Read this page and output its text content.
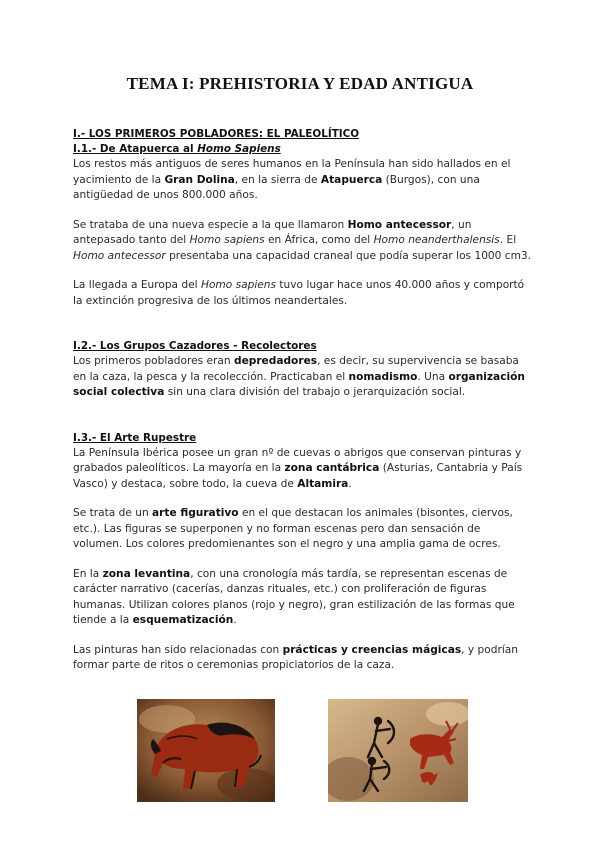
TEMA I: PREHISTORIA Y EDAD ANTIGUA
I.- LOS PRIMEROS POBLADORES: EL PALEOLÍTICO
I.1.- De Atapuerca al Homo Sapiens

Los restos más antiguos de seres humanos en la Península han sido hallados en el yacimiento de la Gran Dolina, en la sierra de Atapuerca (Burgos), con una antigüedad de unos 800.000 años.

Se trataba de una nueva especie a la que llamaron Homo antecessor, un antepasado tanto del Homo sapiens en África, como del Homo neanderthalensis. El Homo antecessor presentaba una capacidad craneal que podía superar los 1000 cm3.

La llegada a Europa del Homo sapiens tuvo lugar hace unos 40.000 años y comportó la extinción progresiva de los últimos neandertales.

I.2.- Los Grupos Cazadores - Recolectores

Los primeros pobladores eran depredadores, es decir, su supervivencia se basaba en la caza, la pesca y la recolección. Practicaban el nomadismo. Una organización social colectiva sin una clara división del trabajo o jerarquización social.

I.3.- El Arte Rupestre

La Península Ibérica posee un gran nº de cuevas o abrigos que conservan pinturas y grabados paleolíticos. La mayoría en la zona cantábrica (Asturias, Cantabria y País Vasco) y destaca, sobre todo, la cueva de Altamira.

Se trata de un arte figurativo en el que destacan los animales (bisontes, ciervos, etc.). Las figuras se superponen y no forman escenas pero dan sensación de volumen. Los colores predomienantes son el negro y una amplia gama de ocres.

En la zona levantina, con una cronología más tardía, se representan escenas de carácter narrativo (cacerías, danzas rituales, etc.) con proliferación de figuras humanas. Utilizan colores planos (rojo y negro), gran estilización de las formas que tiende a la esquematización.

Las pinturas han sido relacionadas con prácticas y creencias mágicas, y podrían formar parte de ritos o ceremonias propiciatorios de la caza.
